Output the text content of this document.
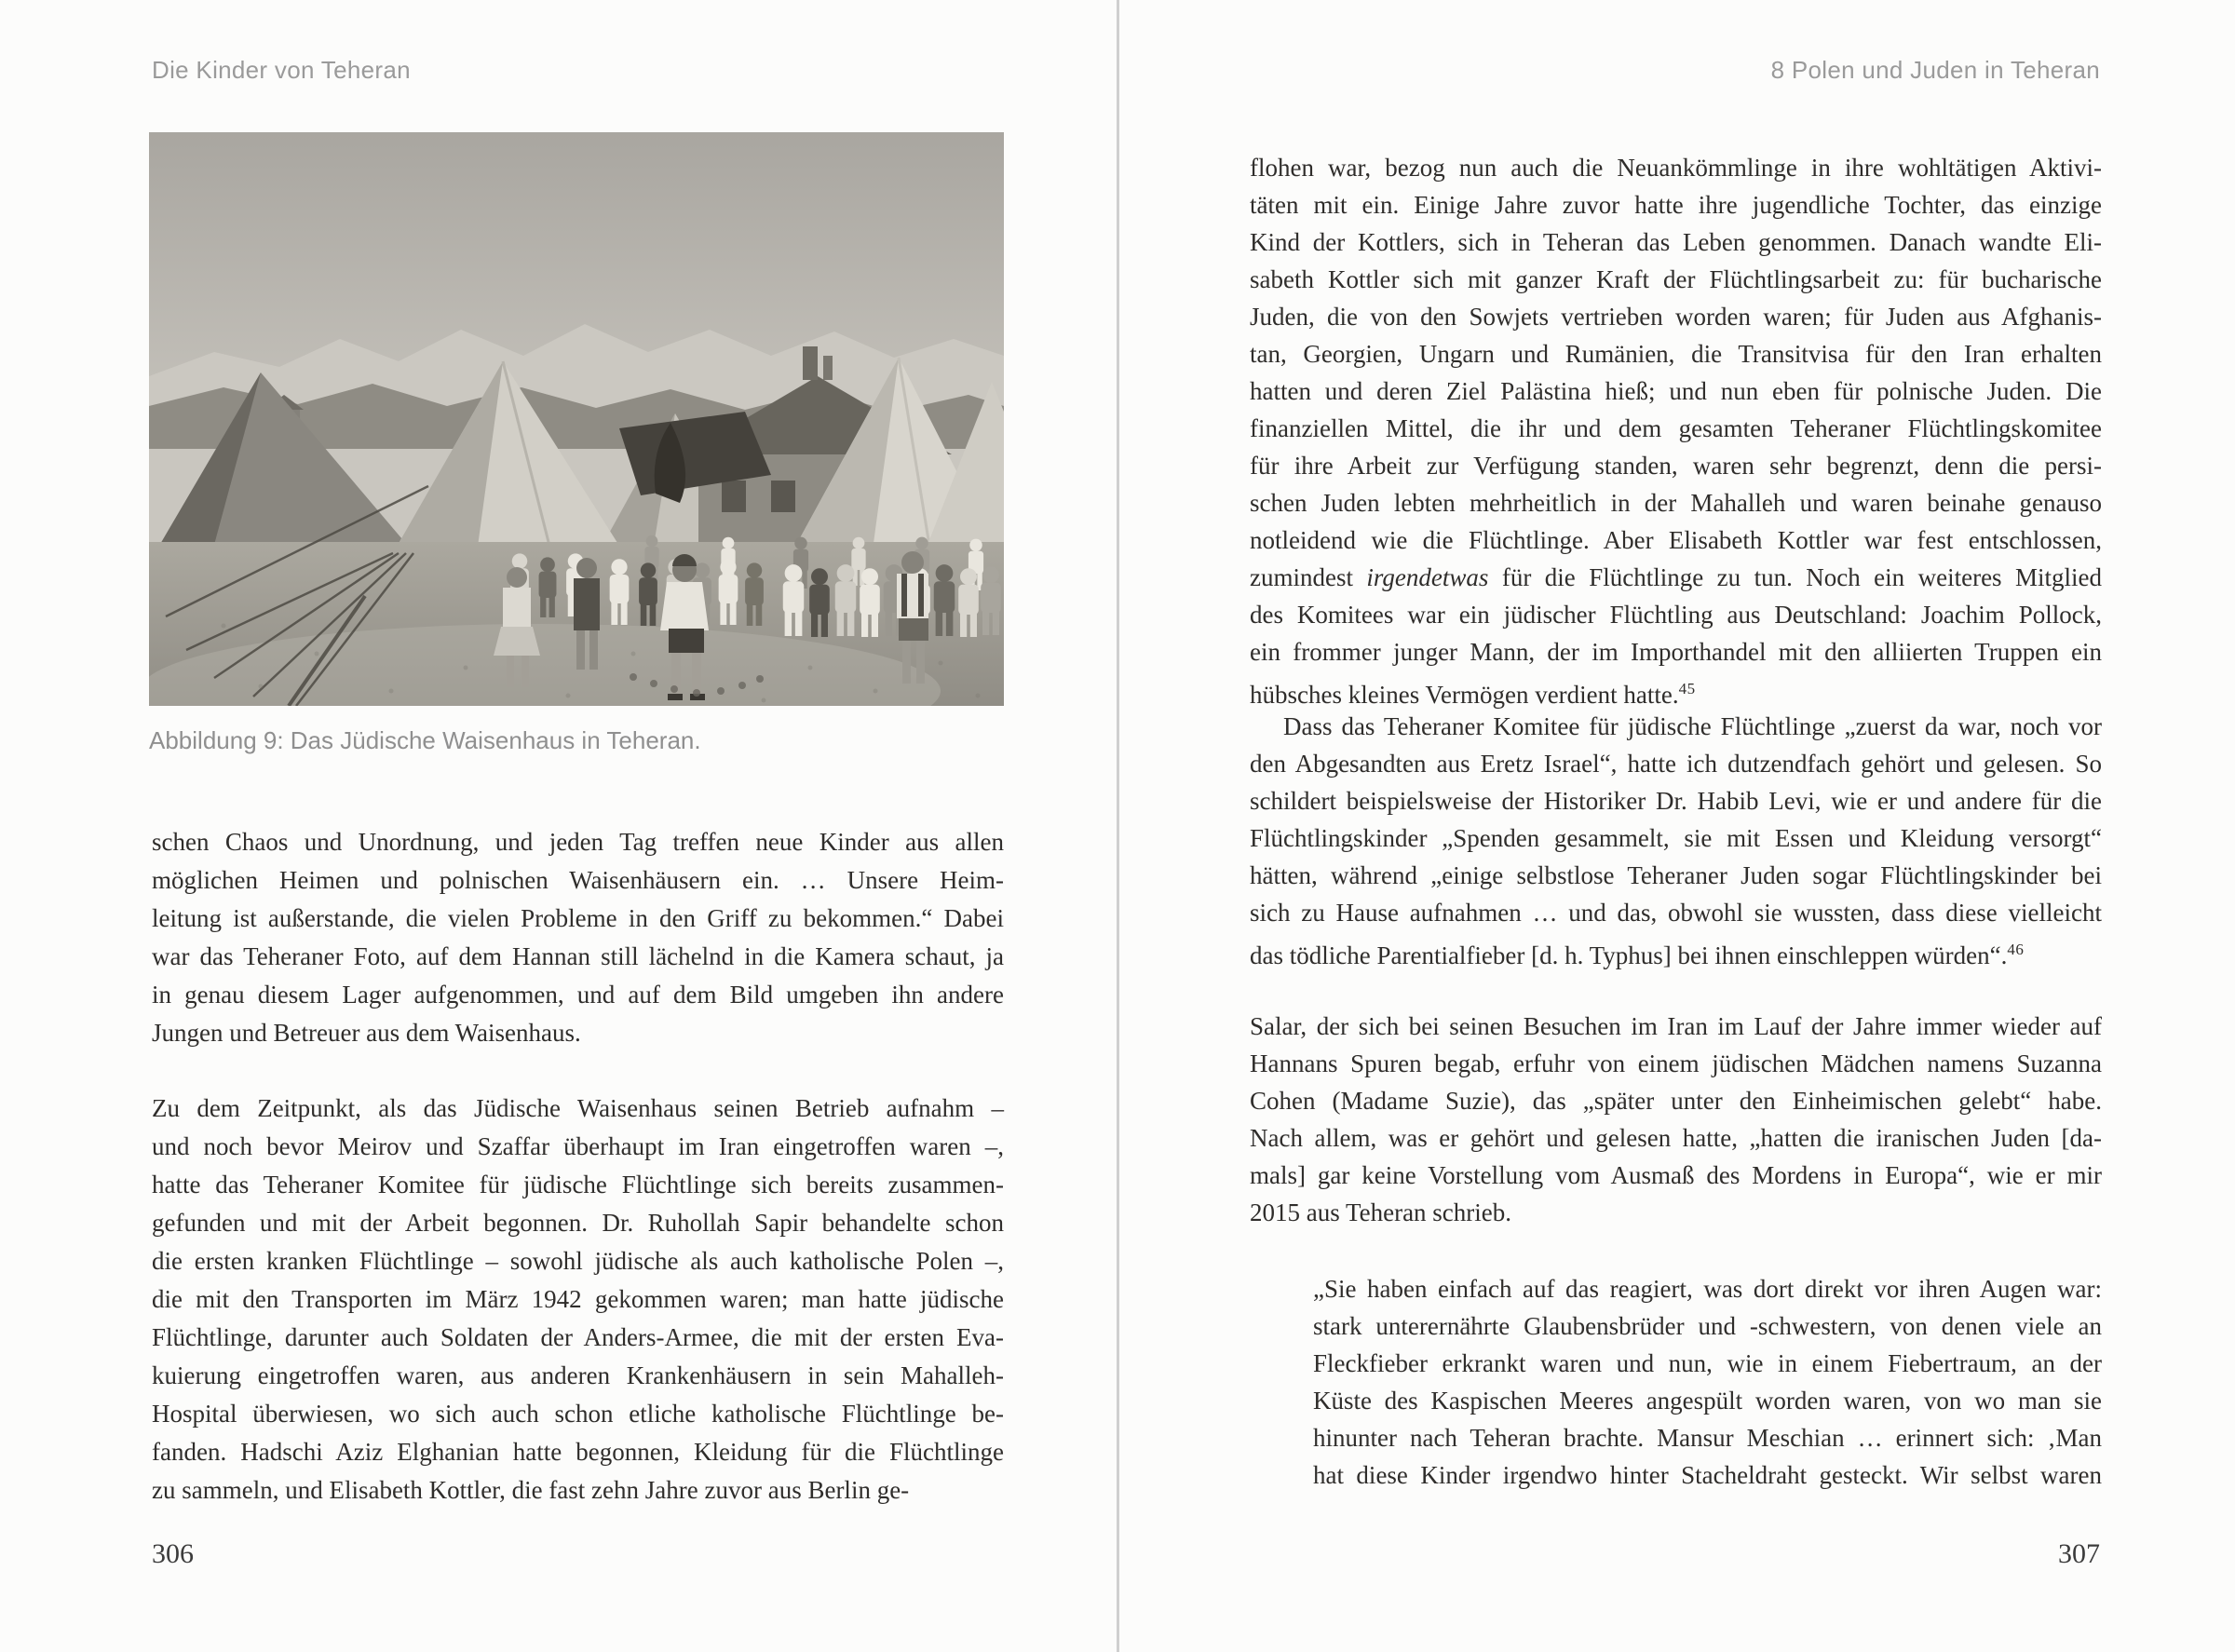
Die Kinder von Teheran
Abbildung 9: Das Jüdische Waisenhaus in Teheran.
schen Chaos und Unordnung, und jeden Tag treffen neue Kinder aus allen
möglichen Heimen und polnischen Waisenhäusern ein. … Unsere Heim-
leitung ist außerstande, die vielen Probleme in den Griff zu bekommen.“ Dabei
war das Teheraner Foto, auf dem Hannan still lächelnd in die Kamera schaut, ja
in genau diesem Lager aufgenommen, und auf dem Bild umgeben ihn andere
Jungen und Betreuer aus dem Waisenhaus.
Zu dem Zeitpunkt, als das Jüdische Waisenhaus seinen Betrieb aufnahm –
und noch bevor Meirov und Szaffar überhaupt im Iran eingetroffen waren –,
hatte das Teheraner Komitee für jüdische Flüchtlinge sich bereits zusammen-
gefunden und mit der Arbeit begonnen. Dr. Ruhollah Sapir behandelte schon
die ersten kranken Flüchtlinge – sowohl jüdische als auch katholische Polen –,
die mit den Transporten im März 1942 gekommen waren; man hatte jüdische
Flüchtlinge, darunter auch Soldaten der Anders-Armee, die mit der ersten Eva-
kuierung eingetroffen waren, aus anderen Krankenhäusern in sein Mahalleh-
Hospital überwiesen, wo sich auch schon etliche katholische Flüchtlinge be-
fanden. Hadschi Aziz Elghanian hatte begonnen, Kleidung für die Flüchtlinge
zu sammeln, und Elisabeth Kottler, die fast zehn Jahre zuvor aus Berlin ge-
306
8 Polen und Juden in Teheran
flohen war, bezog nun auch die Neuankömmlinge in ihre wohltätigen Aktivi-
täten mit ein. Einige Jahre zuvor hatte ihre jugendliche Tochter, das einzige
Kind der Kottlers, sich in Teheran das Leben genommen. Danach wandte Eli-
sabeth Kottler sich mit ganzer Kraft der Flüchtlingsarbeit zu: für bucharische
Juden, die von den Sowjets vertrieben worden waren; für Juden aus Afghanis-
tan, Georgien, Ungarn und Rumänien, die Transitvisa für den Iran erhalten
hatten und deren Ziel Palästina hieß; und nun eben für polnische Juden. Die
finanziellen Mittel, die ihr und dem gesamten Teheraner Flüchtlingskomitee
für ihre Arbeit zur Verfügung standen, waren sehr begrenzt, denn die persi-
schen Juden lebten mehrheitlich in der Mahalleh und waren beinahe genauso
notleidend wie die Flüchtlinge. Aber Elisabeth Kottler war fest entschlossen,
zumindest irgendetwas für die Flüchtlinge zu tun. Noch ein weiteres Mitglied
des Komitees war ein jüdischer Flüchtling aus Deutschland: Joachim Pollock,
ein frommer junger Mann, der im Importhandel mit den alliierten Truppen ein
hübsches kleines Vermögen verdient hatte.$^{45}$
Dass das Teheraner Komitee für jüdische Flüchtlinge „zuerst da war, noch vor
den Abgesandten aus Eretz Israel“, hatte ich dutzendfach gehört und gelesen. So
schildert beispielsweise der Historiker Dr. Habib Levi, wie er und andere für die
Flüchtlingskinder „Spenden gesammelt, sie mit Essen und Kleidung versorgt“
hätten, während „einige selbstlose Teheraner Juden sogar Flüchtlingskinder bei
sich zu Hause aufnahmen … und das, obwohl sie wussten, dass diese vielleicht
das tödliche Parentialfieber [d. h. Typhus] bei ihnen einschleppen würden“.$^{46}$
Salar, der sich bei seinen Besuchen im Iran im Lauf der Jahre immer wieder auf
Hannans Spuren begab, erfuhr von einem jüdischen Mädchen namens Suzanna
Cohen (Madame Suzie), das „später unter den Einheimischen gelebt“ habe.
Nach allem, was er gehört und gelesen hatte, „hatten die iranischen Juden [da-
mals] gar keine Vorstellung vom Ausmaß des Mordens in Europa“, wie er mir
2015 aus Teheran schrieb.
„Sie haben einfach auf das reagiert, was dort direkt vor ihren Augen war:
stark unterernährte Glaubensbrüder und -schwestern, von denen viele an
Fleckfieber erkrankt waren und nun, wie in einem Fiebertraum, an der
Küste des Kaspischen Meeres angespült worden waren, von wo man sie
hinunter nach Teheran brachte. Mansur Meschian … erinnert sich: ‚Man
hat diese Kinder irgendwo hinter Stacheldraht gesteckt. Wir selbst waren
307
